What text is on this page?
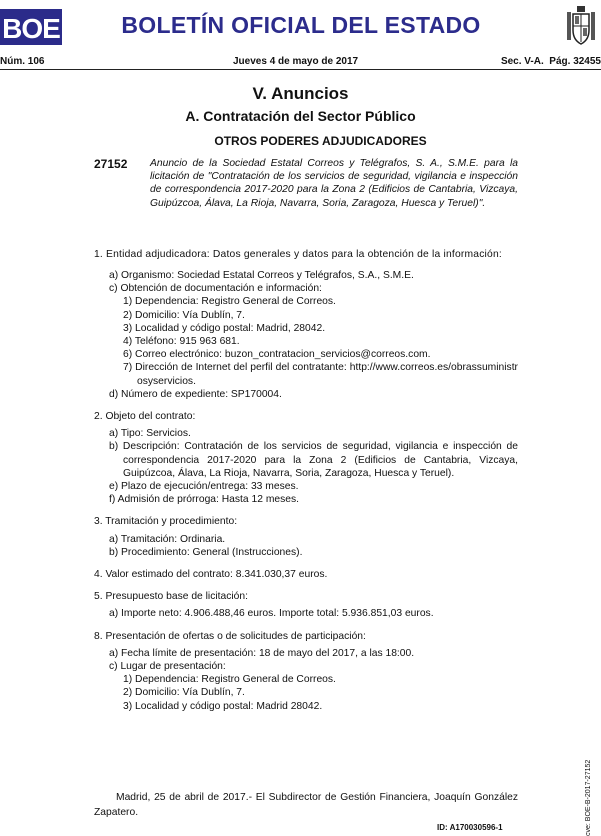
BOE	BOLETÍN OFICIAL DEL ESTADO
Núm. 106	Jueves 4 de mayo de 2017	Sec. V-A.  Pág. 32455
V. Anuncios
A. Contratación del Sector Público
OTROS PODERES ADJUDICADORES
27152 Anuncio de la Sociedad Estatal Correos y Telégrafos, S. A., S.M.E. para la licitación de "Contratación de los servicios de seguridad, vigilancia e inspección de correspondencia 2017-2020 para la Zona 2 (Edificios de Cantabria, Vizcaya, Guipúzcoa, Álava, La Rioja, Navarra, Soria, Zaragoza, Huesca y Teruel)".
1. Entidad adjudicadora: Datos generales y datos para la obtención de la información:
a) Organismo: Sociedad Estatal Correos y Telégrafos, S.A., S.M.E.
c) Obtención de documentación e información:
1) Dependencia: Registro General de Correos.
2) Domicilio: Vía Dublín, 7.
3) Localidad y código postal: Madrid, 28042.
4) Teléfono: 915 963 681.
6) Correo electrónico: buzon_contratacion_servicios@correos.com.
7) Dirección de Internet del perfil del contratante: http://www.correos.es/obrassuministrosyservicios.
d) Número de expediente: SP170004.
2. Objeto del contrato:
a) Tipo: Servicios.
b) Descripción: Contratación de los servicios de seguridad, vigilancia e inspección de correspondencia 2017-2020 para la Zona 2 (Edificios de Cantabria, Vizcaya, Guipúzcoa, Álava, La Rioja, Navarra, Soria, Zaragoza, Huesca y Teruel).
e) Plazo de ejecución/entrega: 33 meses.
f) Admisión de prórroga: Hasta 12 meses.
3. Tramitación y procedimiento:
a) Tramitación: Ordinaria.
b) Procedimiento: General (Instrucciones).
4. Valor estimado del contrato: 8.341.030,37 euros.
5. Presupuesto base de licitación:
a) Importe neto: 4.906.488,46 euros. Importe total: 5.936.851,03 euros.
8. Presentación de ofertas o de solicitudes de participación:
a) Fecha límite de presentación: 18 de mayo del 2017, a las 18:00.
c) Lugar de presentación:
1) Dependencia: Registro General de Correos.
2) Domicilio: Vía Dublín, 7.
3) Localidad y código postal: Madrid 28042.
Madrid, 25 de abril de 2017.- El Subdirector de Gestión Financiera, Joaquín González Zapatero.
ID: A170030596-1	cve: BOE-B-2017-27152
